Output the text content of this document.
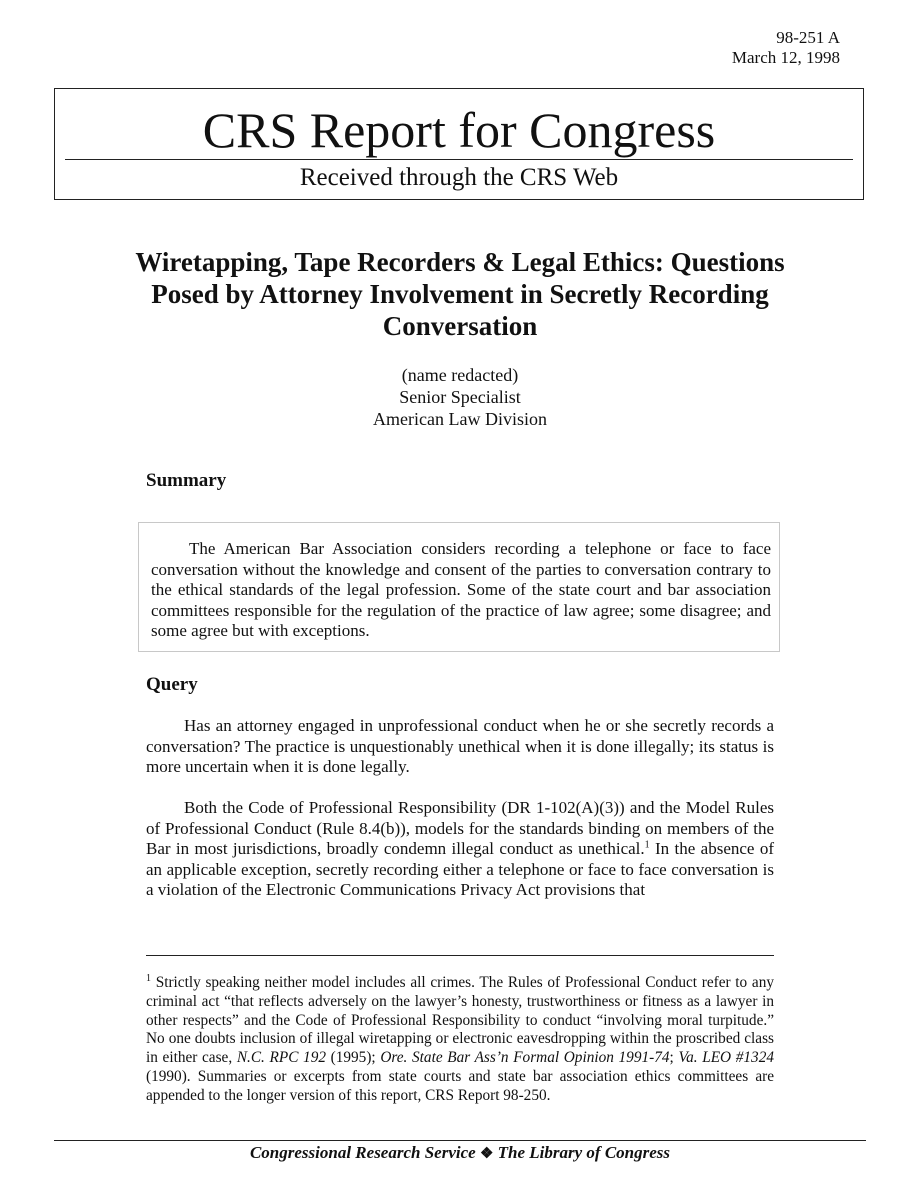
98-251 A
March 12, 1998
CRS Report for Congress
Received through the CRS Web
Wiretapping, Tape Recorders & Legal Ethics: Questions Posed by Attorney Involvement in Secretly Recording Conversation
(name redacted)
Senior Specialist
American Law Division
Summary

The American Bar Association considers recording a telephone or face to face conversation without the knowledge and consent of the parties to conversation contrary to the ethical standards of the legal profession. Some of the state court and bar association committees responsible for the regulation of the practice of law agree; some disagree; and some agree but with exceptions.

Query

Has an attorney engaged in unprofessional conduct when he or she secretly records a conversation? The practice is unquestionably unethical when it is done illegally; its status is more uncertain when it is done legally.

Both the Code of Professional Responsibility (DR 1-102(A)(3)) and the Model Rules of Professional Conduct (Rule 8.4(b)), models for the standards binding on members of the Bar in most jurisdictions, broadly condemn illegal conduct as unethical.$^1$ In the absence of an applicable exception, secretly recording either a telephone or face to face conversation is a violation of the Electronic Communications Privacy Act provisions that

$^1$ Strictly speaking neither model includes all crimes. The Rules of Professional Conduct refer to any criminal act “that reflects adversely on the lawyer’s honesty, trustworthiness or fitness as a lawyer in other respects” and the Code of Professional Responsibility to conduct “involving moral turpitude.” No one doubts inclusion of illegal wiretapping or electronic eavesdropping within the proscribed class in either case, N.C. RPC 192 (1995); Ore. State Bar Ass’n Formal Opinion 1991-74; Va. LEO #1324 (1990). Summaries or excerpts from state courts and state bar association ethics committees are appended to the longer version of this report, CRS Report 98-250.

Congressional Research Service ❖ The Library of Congress
